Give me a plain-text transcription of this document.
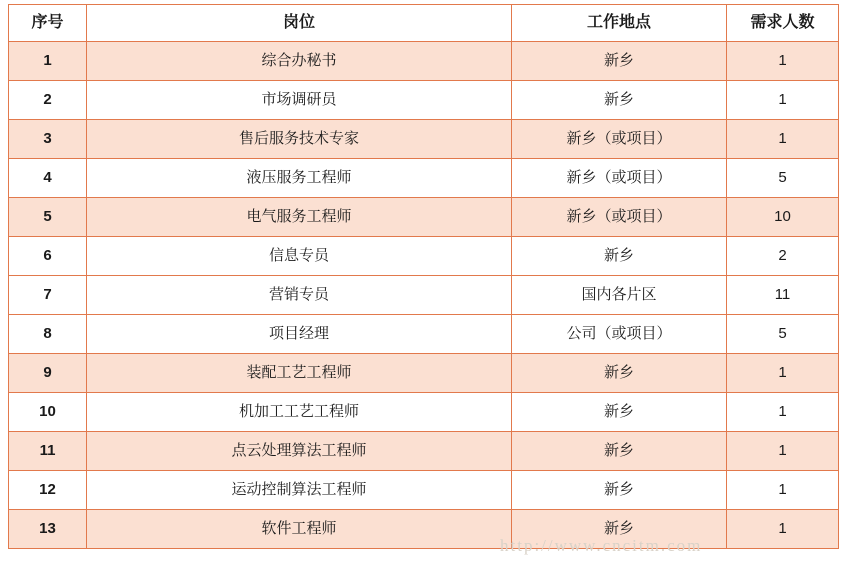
序号	岗位	工作地点	需求人数
1	综合办秘书	新乡	1
2	市场调研员	新乡	1
3	售后服务技术专家	新乡（或项目）	1
4	液压服务工程师	新乡（或项目）	5
5	电气服务工程师	新乡（或项目）	10
6	信息专员	新乡	2
7	营销专员	国内各片区	11
8	项目经理	公司（或项目）	5
9	装配工艺工程师	新乡	1
10	机加工工艺工程师	新乡	1
11	点云处理算法工程师	新乡	1
12	运动控制算法工程师	新乡	1
13	软件工程师	新乡	1
http://www.cncitm.com
